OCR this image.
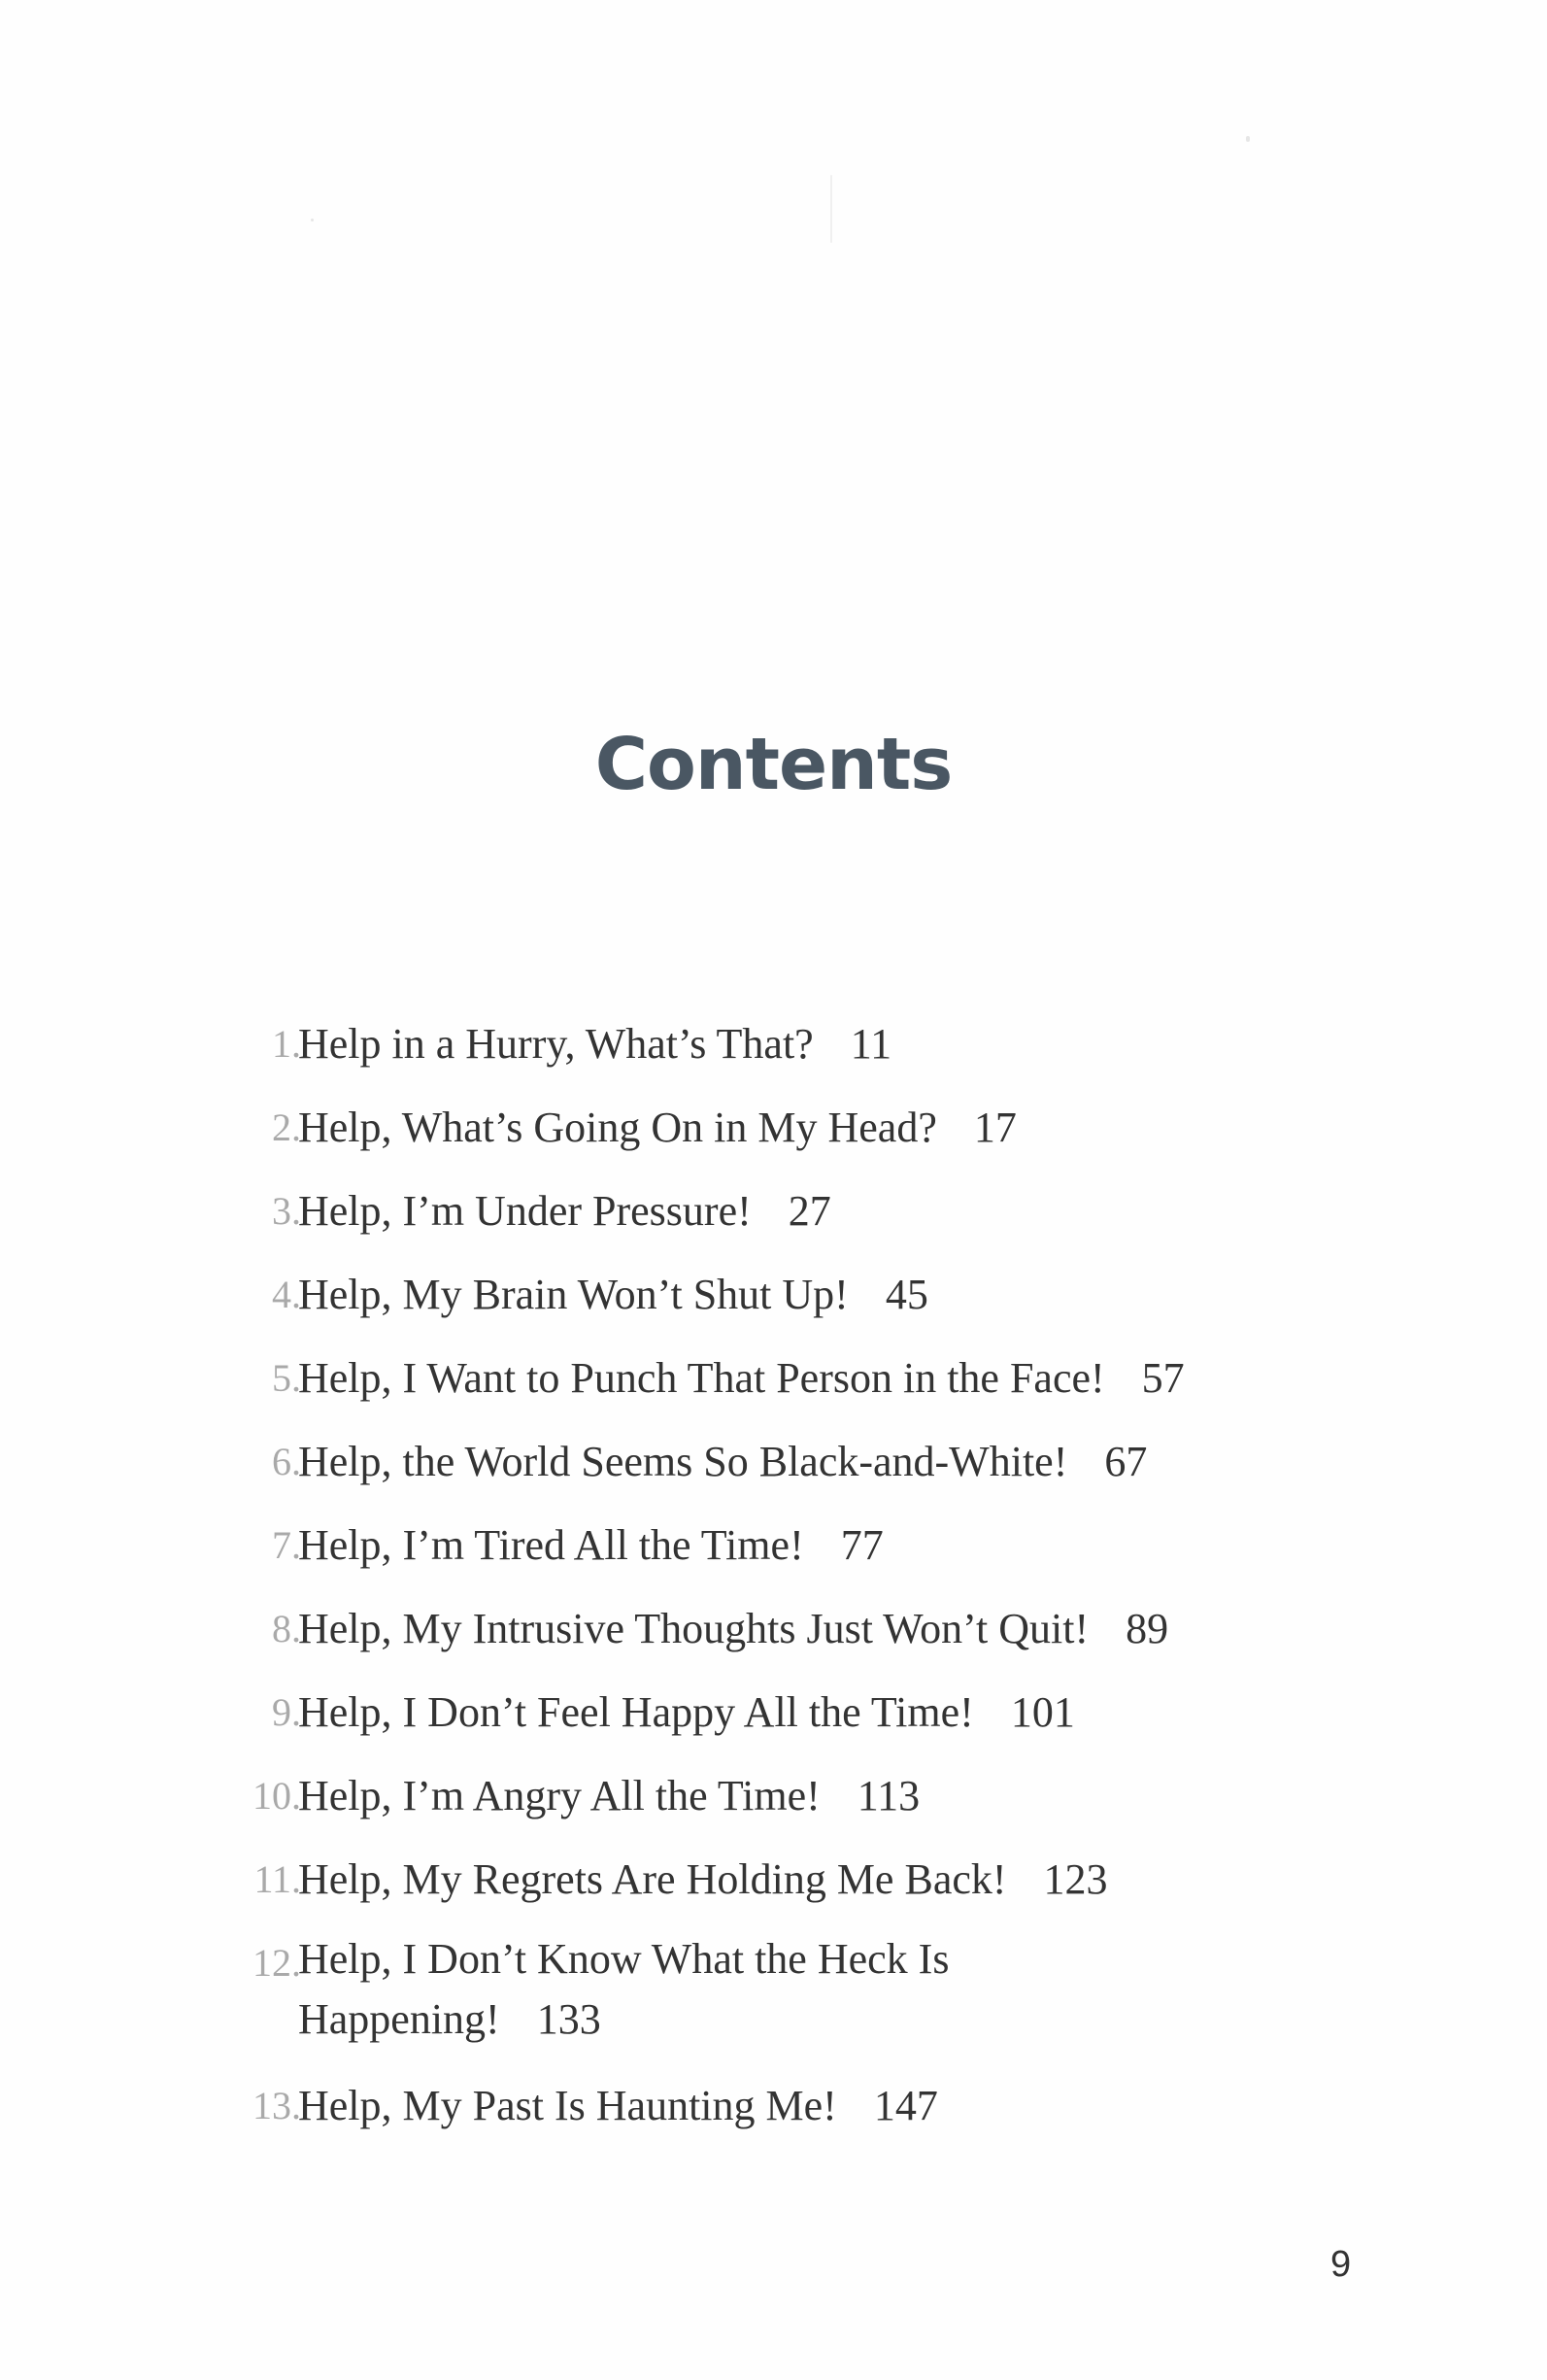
Contents
1.
Help in a Hurry, What’s That? 11
2.
Help, What’s Going On in My Head? 17
3.
Help, I’m Under Pressure! 27
4.
Help, My Brain Won’t Shut Up! 45
5.
Help, I Want to Punch That Person in the Face! 57
6.
Help, the World Seems So Black-and-White! 67
7.
Help, I’m Tired All the Time! 77
8.
Help, My Intrusive Thoughts Just Won’t Quit! 89
9.
Help, I Don’t Feel Happy All the Time! 101
10.
Help, I’m Angry All the Time! 113
11.
Help, My Regrets Are Holding Me Back! 123
12.
Help, I Don’t Know What the Heck Is
Happening! 133
13.
Help, My Past Is Haunting Me! 147
9
